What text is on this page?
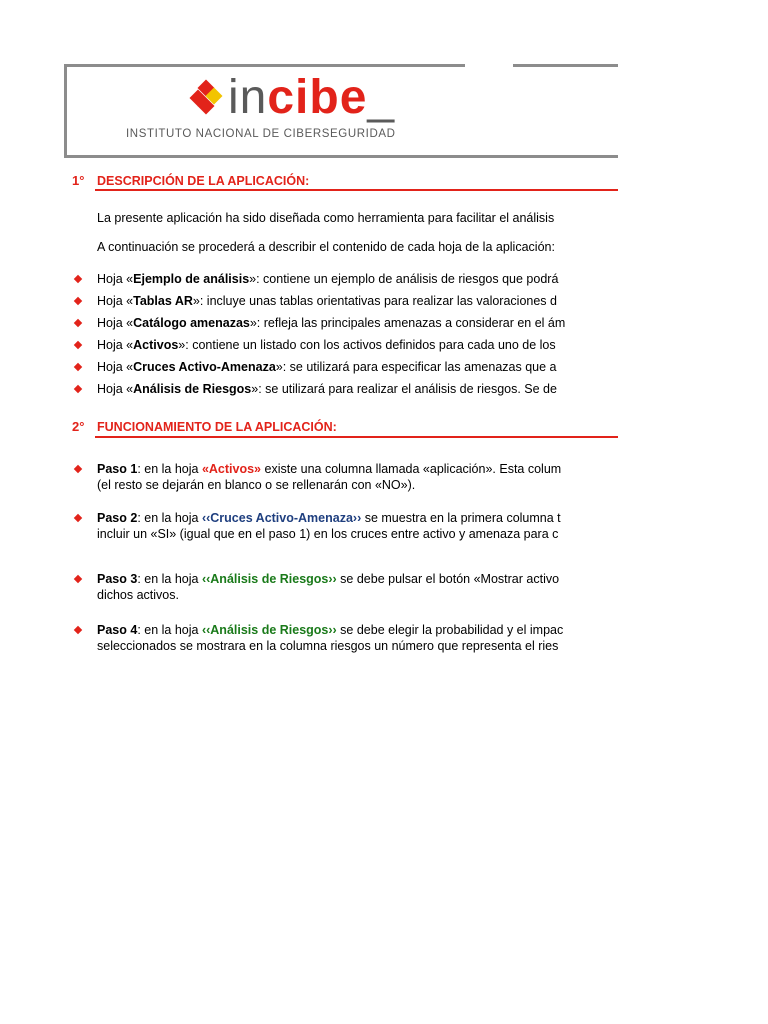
incibe_
INSTITUTO NACIONAL DE CIBERSEGURIDAD
1° DESCRIPCIÓN DE LA APLICACIÓN:
La presente aplicación ha sido diseñada como herramienta para facilitar el análisis
A continuación se procederá a describir el contenido de cada hoja de la aplicación:
Hoja «Ejemplo de análisis»: contiene un ejemplo de análisis de riesgos que podrá
Hoja «Tablas AR»: incluye unas tablas orientativas para realizar las valoraciones d
Hoja «Catálogo amenazas»: refleja las principales amenazas a considerar en el ám
Hoja «Activos»: contiene un listado con los activos definidos para cada uno de los
Hoja «Cruces Activo-Amenaza»: se utilizará para especificar las amenazas que a
Hoja «Análisis de Riesgos»: se utilizará para realizar el análisis de riesgos. Se de
2° FUNCIONAMIENTO DE LA APLICACIÓN:
Paso 1: en la hoja «Activos» existe una columna llamada «aplicación». Esta colum
(el resto se dejarán en blanco o se rellenarán con «NO»).
Paso 2: en la hoja ‹‹Cruces Activo-Amenaza›› se muestra en la primera columna t
incluir un «SI» (igual que en el paso 1) en los cruces entre activo y amenaza para c
Paso 3: en la hoja ‹‹Análisis de Riesgos›› se debe pulsar el botón «Mostrar activo
dichos activos.
Paso 4: en la hoja ‹‹Análisis de Riesgos›› se debe elegir la probabilidad y el impac
seleccionados se mostrara en la columna riesgos un número que representa el ries
